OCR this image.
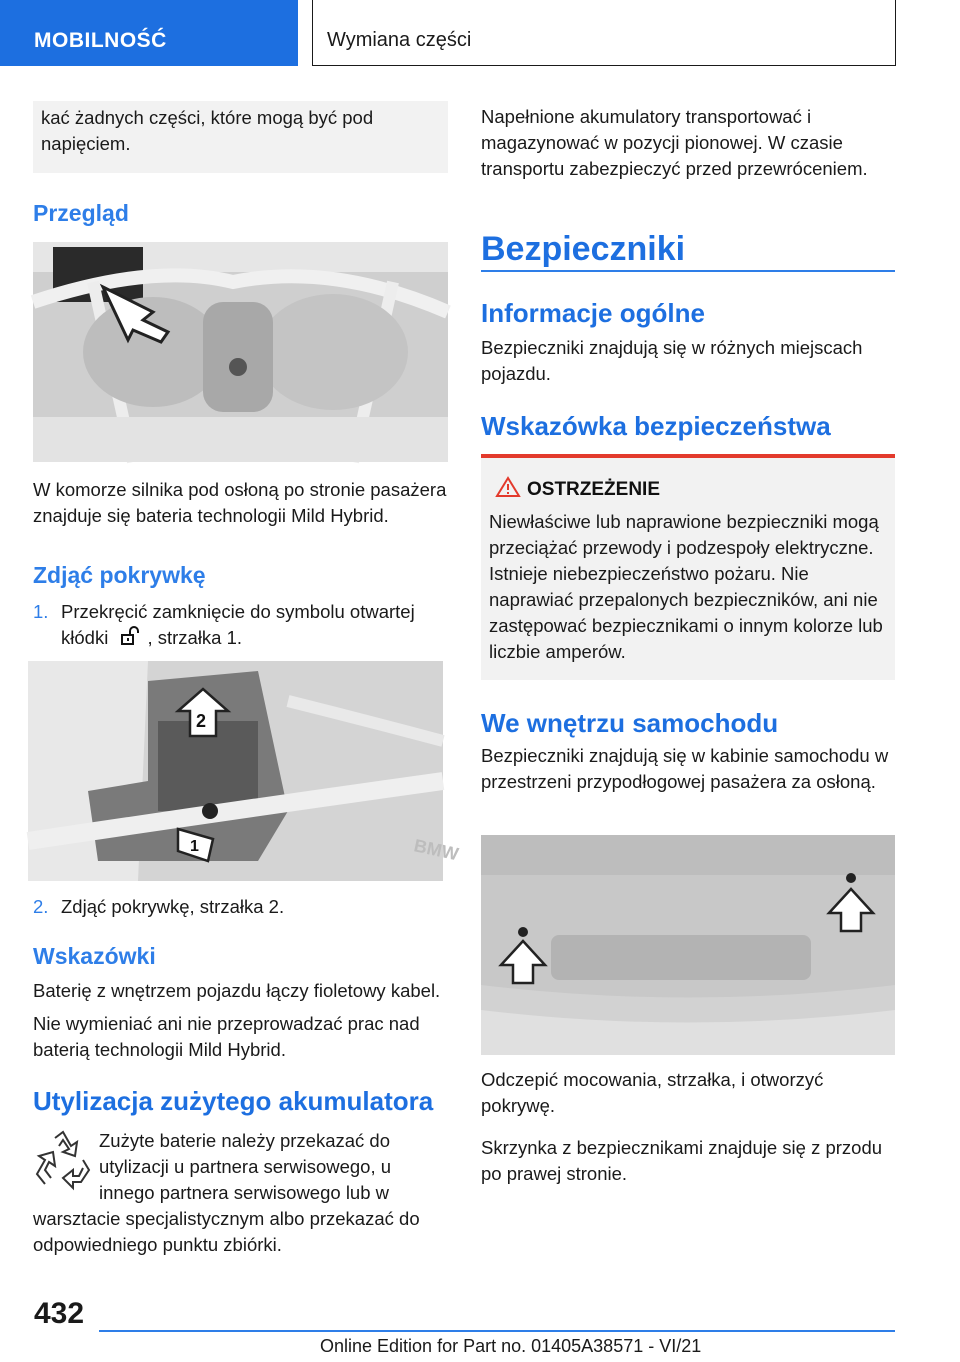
MOBILNOŚĆ	Wymiana części

kać żadnych części, które mogą być pod napięciem.

Przegląd

W komorze silnika pod osłoną po stronie pasażera znajduje się bateria technologii Mild Hybrid.

Zdjąć pokrywkę
1. Przekręcić zamknięcie do symbolu otwartej kłódki , strzałka 1.

2
1	BMW
2. Zdjąć pokrywkę, strzałka 2.

Wskazówki

Baterię z wnętrzem pojazdu łączy fioletowy kabel.

Nie wymieniać ani nie przeprowadzać prac nad baterią technologii Mild Hybrid.

Utylizacja zużytego akumulatora

Zużyte baterie należy przekazać do utylizacji u partnera serwisowego, u innego partnera serwisowego lub w warsztacie specjalistycznym albo przekazać do odpowiedniego punktu zbiórki.

Napełnione akumulatory transportować i magazynować w pozycji pionowej. W czasie transportu zabezpieczyć przed przewróceniem.

Bezpieczniki
Informacje ogólne

Bezpieczniki znajdują się w różnych miejscach pojazdu.

Wskazówka bezpieczeństwa
OSTRZEŻENIE

Niewłaściwe lub naprawione bezpieczniki mogą przeciążać przewody i podzespoły elektryczne. Istnieje niebezpieczeństwo pożaru. Nie naprawiać przepalonych bezpieczników, ani nie zastępować bezpiecznikami o innym kolorze lub liczbie amperów.

We wnętrzu samochodu

Bezpieczniki znajdują się w kabinie samochodu w przestrzeni przypodłogowej pasażera za osłoną.

Odczepić mocowania, strzałka, i otworzyć pokrywę.

Skrzynka z bezpiecznikami znajduje się z przodu po prawej stronie.

432
Online Edition for Part no. 01405A38571 - VI/21
